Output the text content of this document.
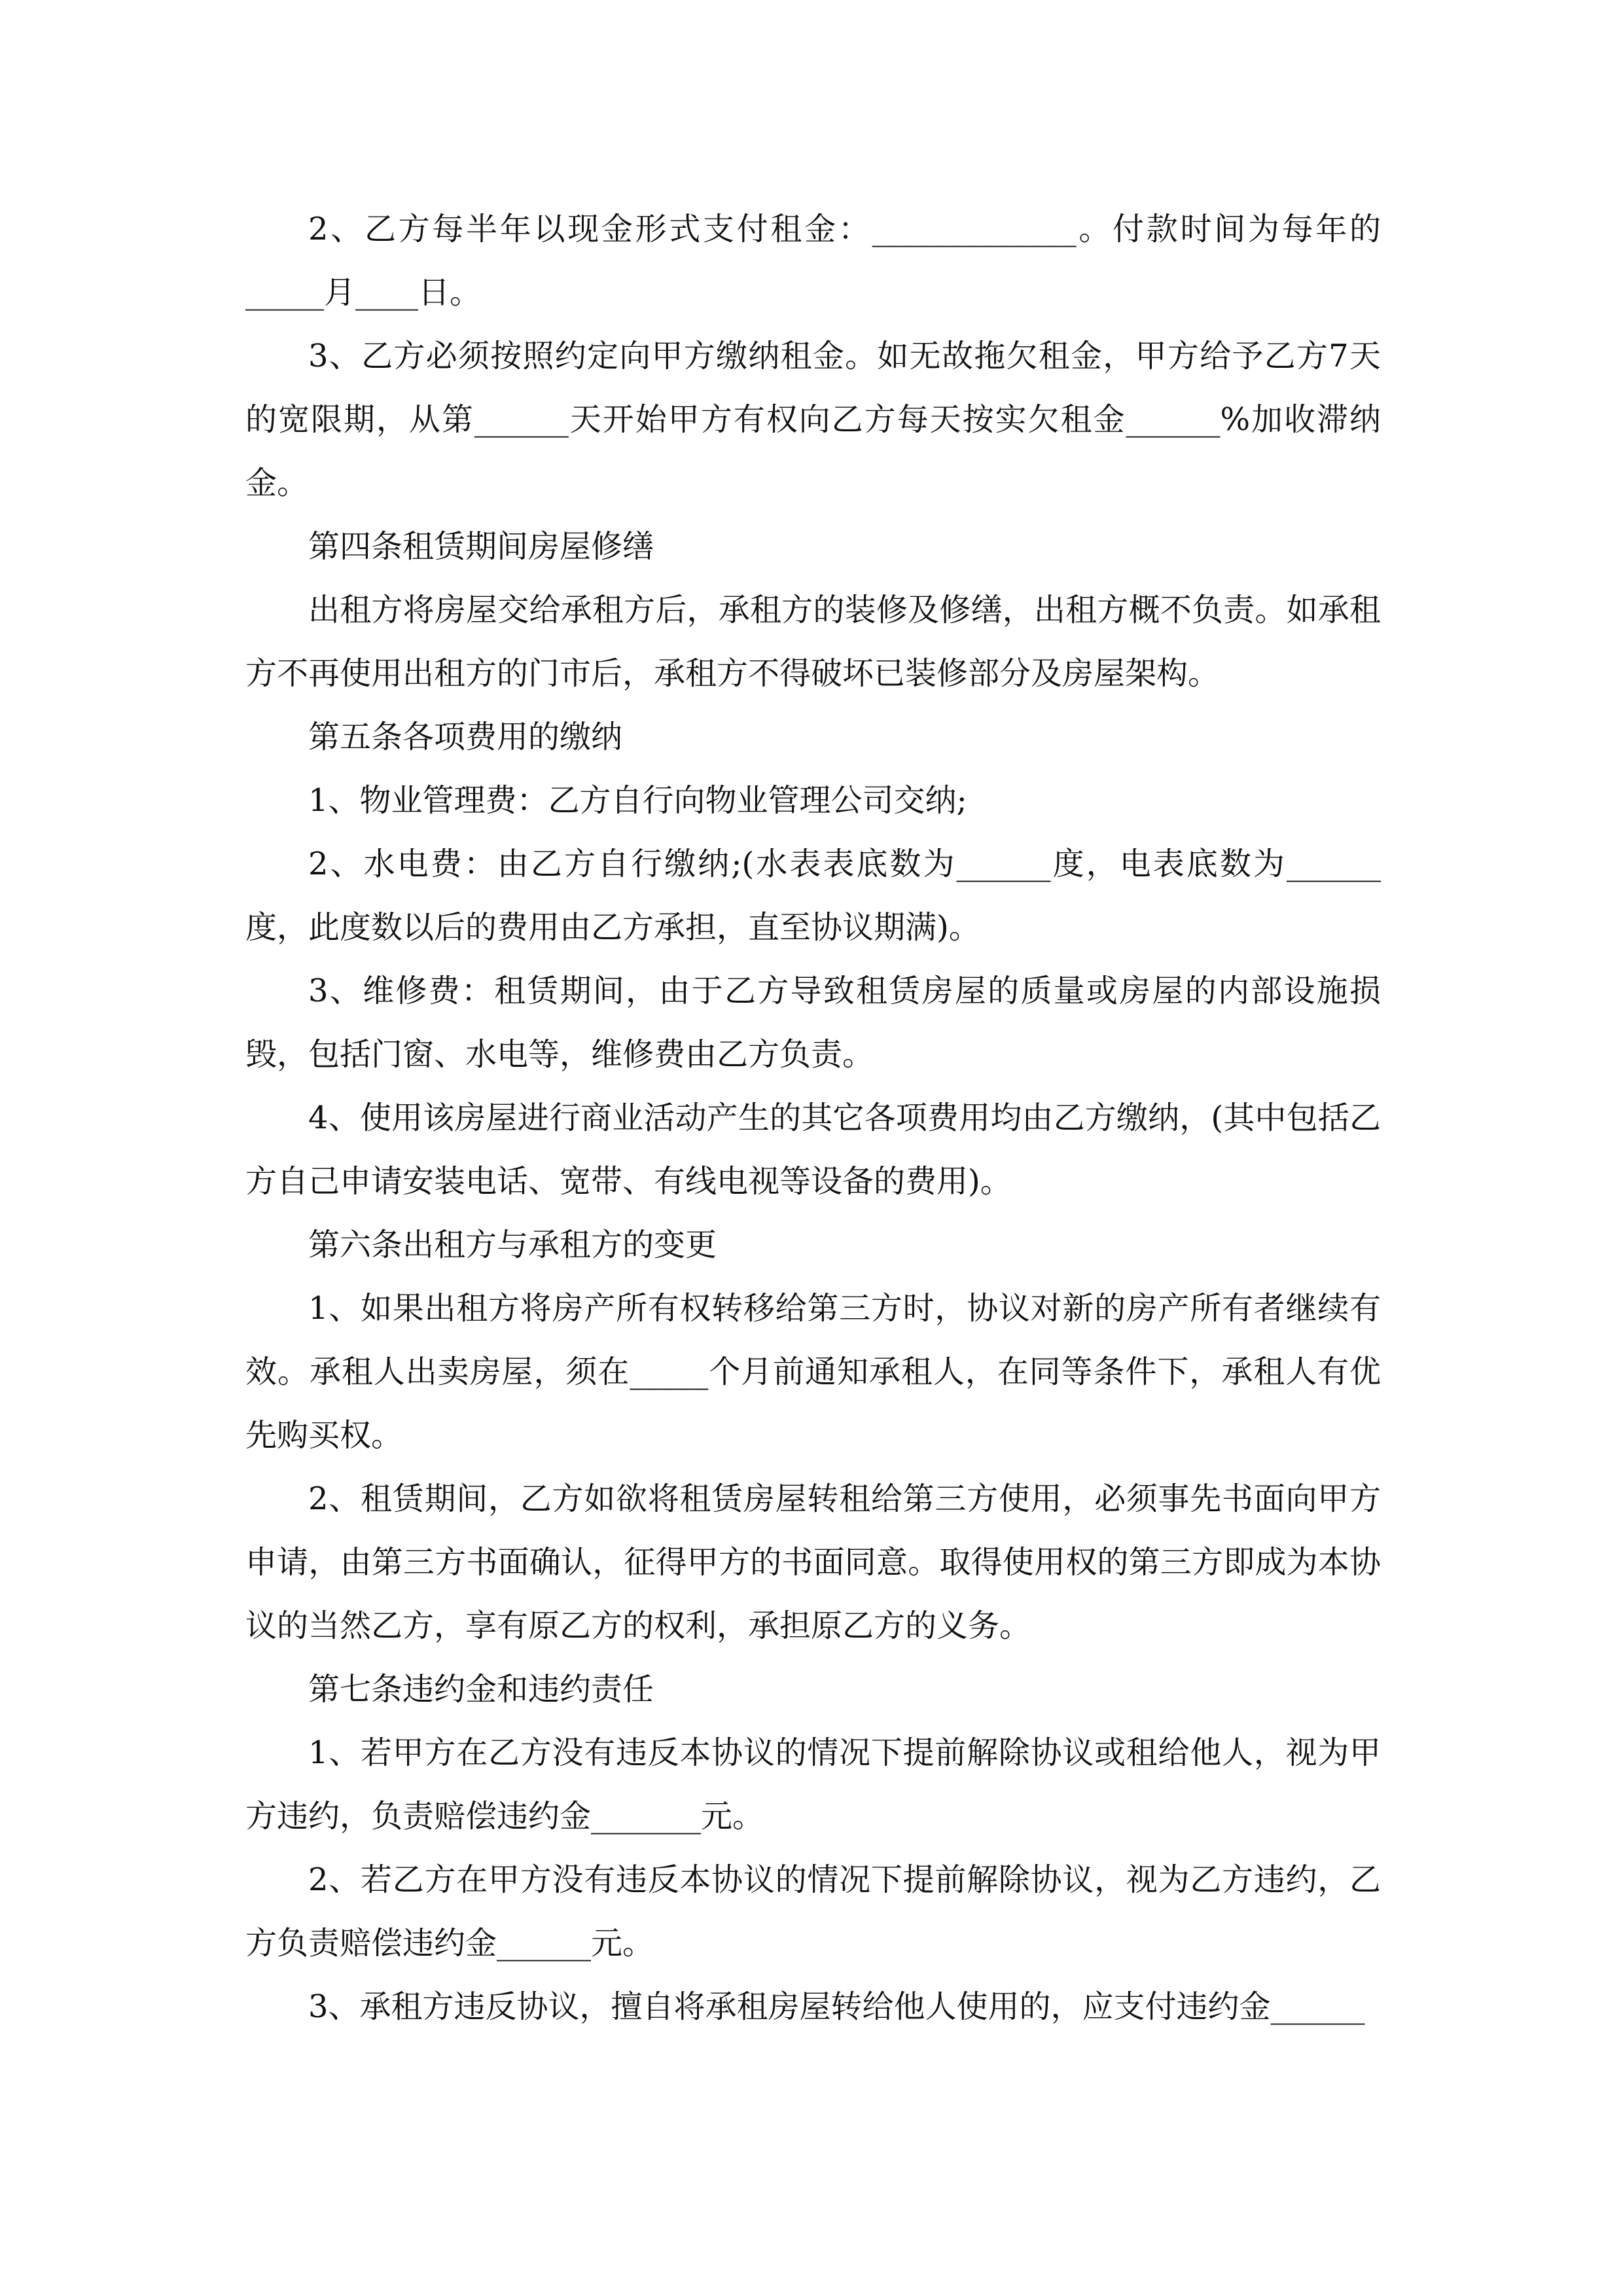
2、乙方每半年以现金形式支付租金：_____________。付款时间为每年的_____月____日。

3、乙方必须按照约定向甲方缴纳租金。如无故拖欠租金，甲方给予乙方7天的宽限期，从第______天开始甲方有权向乙方每天按实欠租金______%加收滞纳金。

第四条租赁期间房屋修缮

出租方将房屋交给承租方后，承租方的装修及修缮，出租方概不负责。如承租方不再使用出租方的门市后，承租方不得破坏已装修部分及房屋架构。

第五条各项费用的缴纳

1、物业管理费：乙方自行向物业管理公司交纳;

2、水电费：由乙方自行缴纳;(水表表底数为______度，电表底数为______度，此度数以后的费用由乙方承担，直至协议期满)。

3、维修费：租赁期间，由于乙方导致租赁房屋的质量或房屋的内部设施损毁，包括门窗、水电等，维修费由乙方负责。

4、使用该房屋进行商业活动产生的其它各项费用均由乙方缴纳，(其中包括乙方自己申请安装电话、宽带、有线电视等设备的费用)。

第六条出租方与承租方的变更

1、如果出租方将房产所有权转移给第三方时，协议对新的房产所有者继续有效。承租人出卖房屋，须在_____个月前通知承租人，在同等条件下，承租人有优先购买权。

2、租赁期间，乙方如欲将租赁房屋转租给第三方使用，必须事先书面向甲方申请，由第三方书面确认，征得甲方的书面同意。取得使用权的第三方即成为本协议的当然乙方，享有原乙方的权利，承担原乙方的义务。

第七条违约金和违约责任

1、若甲方在乙方没有违反本协议的情况下提前解除协议或租给他人，视为甲方违约，负责赔偿违约金_______元。

2、若乙方在甲方没有违反本协议的情况下提前解除协议，视为乙方违约，乙方负责赔偿违约金______元。

3、承租方违反协议，擅自将承租房屋转给他人使用的，应支付违约金______
